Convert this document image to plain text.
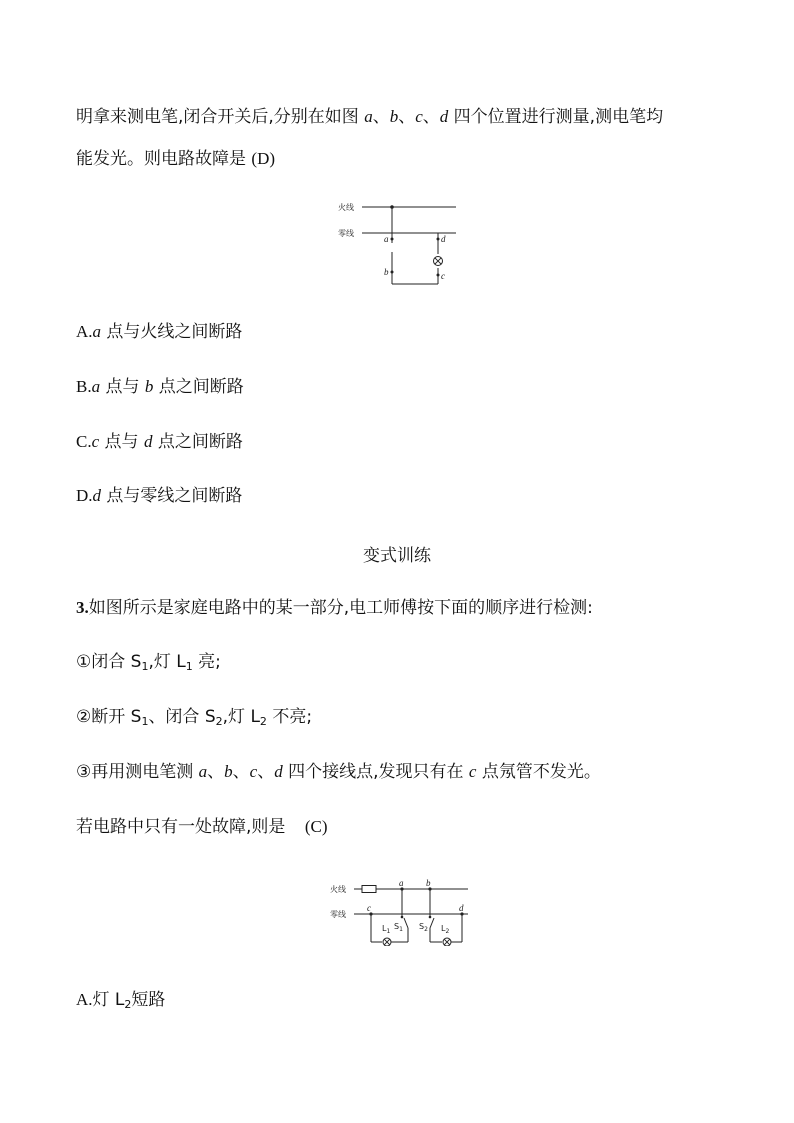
明拿来测电笔,闭合开关后,分别在如图 a、b、c、d 四个位置进行测量,测电笔均
能发光。则电路故障是 (D)
火线
零线
a
b
d
c
A.a 点与火线之间断路
B.a 点与 b 点之间断路
C.c 点与 d 点之间断路
D.d 点与零线之间断路
变式训练
3.如图所示是家庭电路中的某一部分,电工师傅按下面的顺序进行检测:
①闭合 $S_1$,灯 $L_1$ 亮;
②断开 $S_1$、闭合 $S_2$,灯 $L_2$ 不亮;
③再用测电笔测 a、b、c、d 四个接线点,发现只有在 c 点氖管不发光。
若电路中只有一处故障,则是 (C)
火线
零线
a	b
c	d
$L_1$
$S_1$ $S_2$ $L_2$
A.灯 $L_2$短路
